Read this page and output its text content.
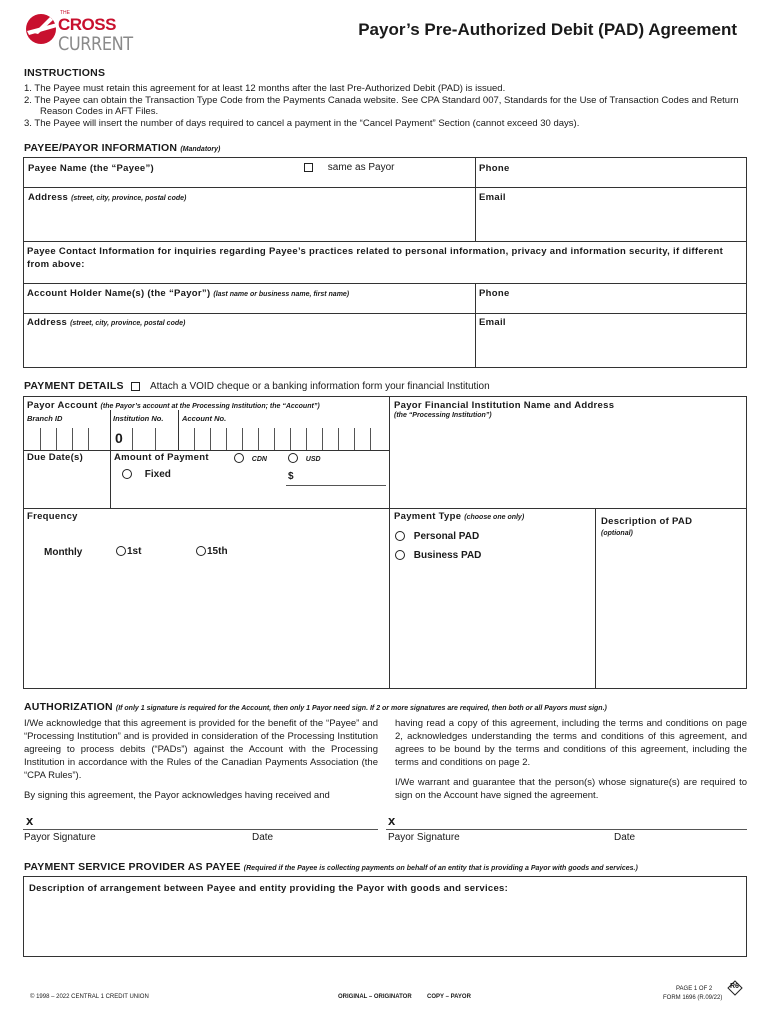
THE
CROSS
CURRENT
Payor’s Pre-Authorized Debit (PAD) Agreement
INSTRUCTIONS
1. The Payee must retain this agreement for at least 12 months after the last Pre-Authorized Debit (PAD) is issued.
2. The Payee can obtain the Transaction Type Code from the Payments Canada website. See CPA Standard 007, Standards for the Use of Transaction Codes and Return Reason Codes in AFT Files.
3. The Payee will insert the number of days required to cancel a payment in the “Cancel Payment” Section (cannot exceed 30 days).
PAYEE/PAYOR INFORMATION (Mandatory)
Payee Name (the “Payee”)	same as Payor	Phone
Address (street, city, province, postal code)	Email
Payee Contact Information for inquiries regarding Payee’s practices related to personal information, privacy and information security, if different from above:
Account Holder Name(s) (the “Payor”) (last name or business name, first name)	Phone
Address (street, city, province, postal code)	Email
PAYMENT DETAILS	Attach a VOID cheque or a banking information form your financial Institution
Payor Account (the Payor’s account at the Processing Institution; the “Account”)
Branch ID	Institution No. Account No.
0
Payor Financial Institution Name and Address
(the “Processing Institution”)
Due Date(s)	Amount of Payment	CDN	USD
Fixed	$
Frequency
Monthly	1st	15th
Payment Type (choose one only)
Personal PAD
Business PAD
Description of PAD
(optional)
AUTHORIZATION (If only 1 signature is required for the Account, then only 1 Payor need sign. If 2 or more signatures are required, then both or all Payors must sign.)

I/We acknowledge that this agreement is provided for the benefit of the “Payee” and “Processing Institution” and is provided in consideration of the Processing Institution agreeing to process debits (“PADs”) against the Account with the Processing Institution in accordance with the Rules of the Canadian Payments Association (the “CPA Rules”).

By signing this agreement, the Payor acknowledges having received and

having read a copy of this agreement, including the terms and conditions on page 2, acknowledges understanding the terms and conditions of this agreement, and agrees to be bound by the terms and conditions of this agreement, including the terms and conditions on page 2.

I/We warrant and guarantee that the person(s) whose signature(s) are required to sign on the Account have signed the agreement.

x
Payor Signature	Date
x
Payor Signature	Date
PAYMENT SERVICE PROVIDER AS PAYEE (Required if the Payee is collecting payments on behalf of an entity that is providing a Payor with goods and services.)
Description of arrangement between Payee and entity providing the Payor with goods and services:
© 1998 – 2022 CENTRAL 1 CREDIT UNION	ORIGINAL – ORIGINATOR	COPY – PAYOR
PAGE 1 OF 2
FORM 1696 (R.09/22)
R6
